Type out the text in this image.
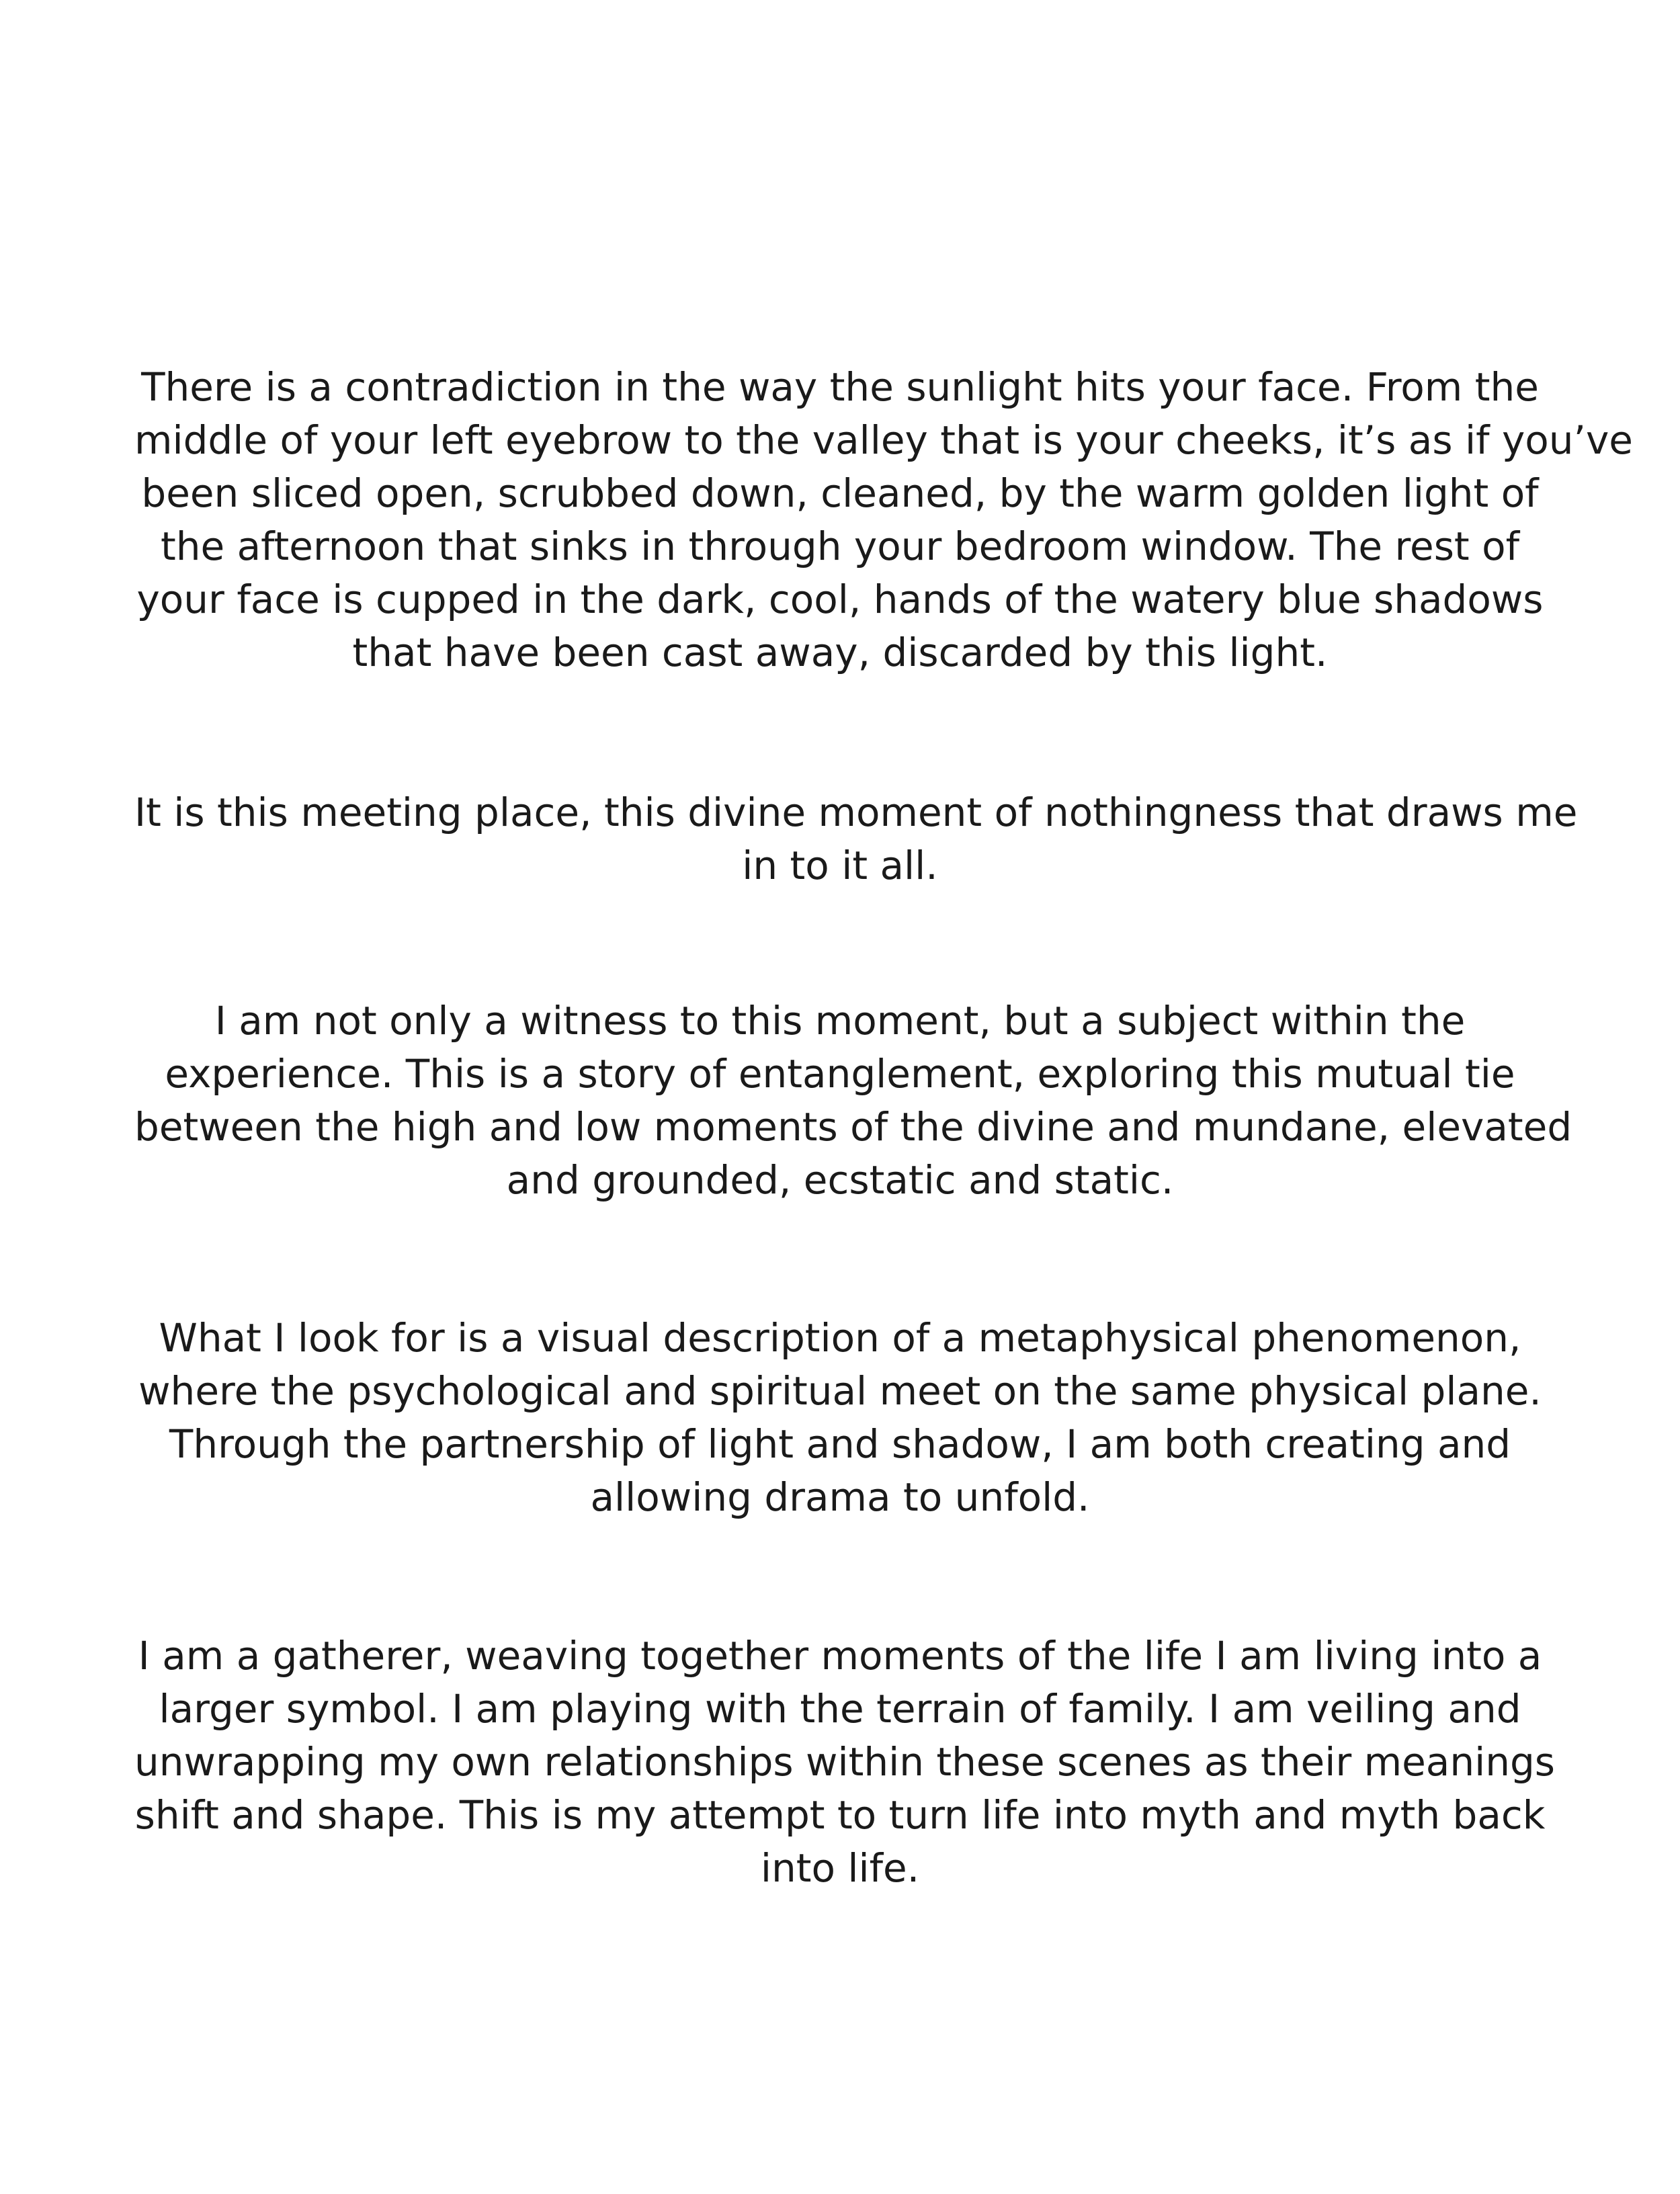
There is a contradiction in the way the sunlight hits your face. From the
middle of your left eyebrow to the valley that is your cheeks, it’s as if you’ve
been sliced open, scrubbed down, cleaned, by the warm golden light of
the afternoon that sinks in through your bedroom window. The rest of
your face is cupped in the dark, cool, hands of the watery blue shadows
that have been cast away, discarded by this light.

It is this meeting place, this divine moment of nothingness that draws me
in to it all.

I am not only a witness to this moment, but a subject within the
experience. This is a story of entanglement, exploring this mutual tie
between the high and low moments of the divine and mundane, elevated
and grounded, ecstatic and static.

What I look for is a visual description of a metaphysical phenomenon,
where the psychological and spiritual meet on the same physical plane.
Through the partnership of light and shadow, I am both creating and
allowing drama to unfold.

I am a gatherer, weaving together moments of the life I am living into a
larger symbol. I am playing with the terrain of family. I am veiling and
unwrapping my own relationships within these scenes as their meanings
shift and shape. This is my attempt to turn life into myth and myth back
into life.
